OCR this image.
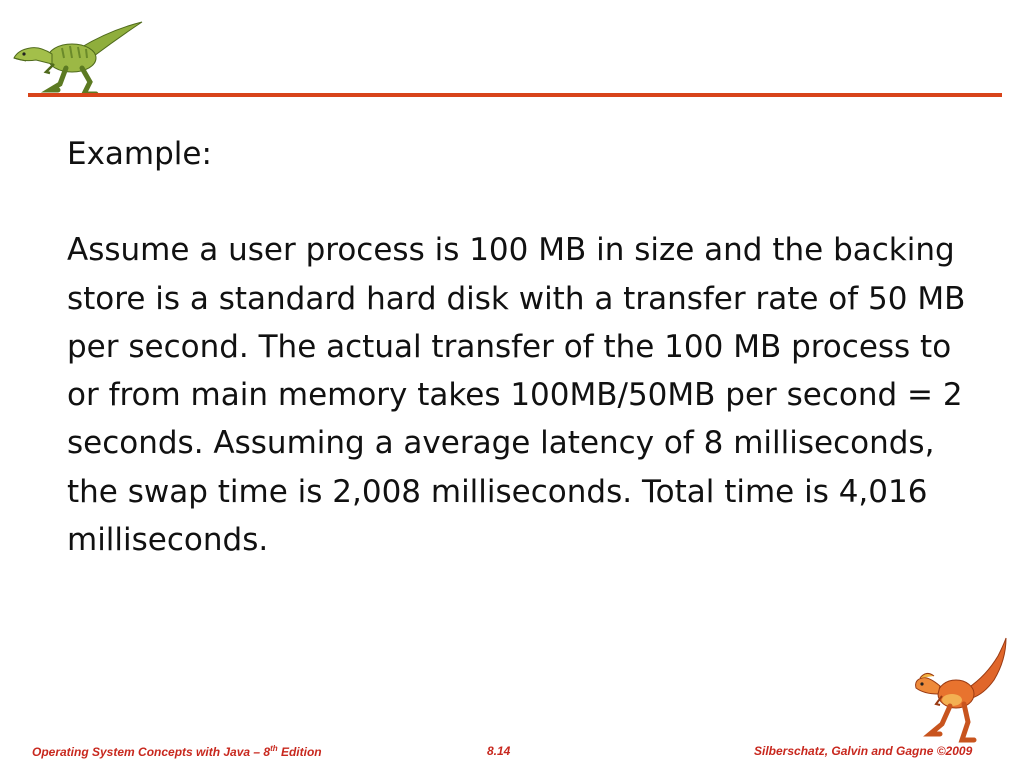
Example:

Assume a user process is 100 MB in size and the backing store is a standard hard disk with a transfer rate of 50 MB per second. The actual transfer of the 100 MB process to or from main memory takes 100MB/50MB per second = 2 seconds. Assuming a average latency of 8 milliseconds, the swap time is 2,008 milliseconds. Total time is 4,016 milliseconds.

Operating System Concepts with Java – 8th Edition	8.14	Silberschatz, Galvin and Gagne ©2009
